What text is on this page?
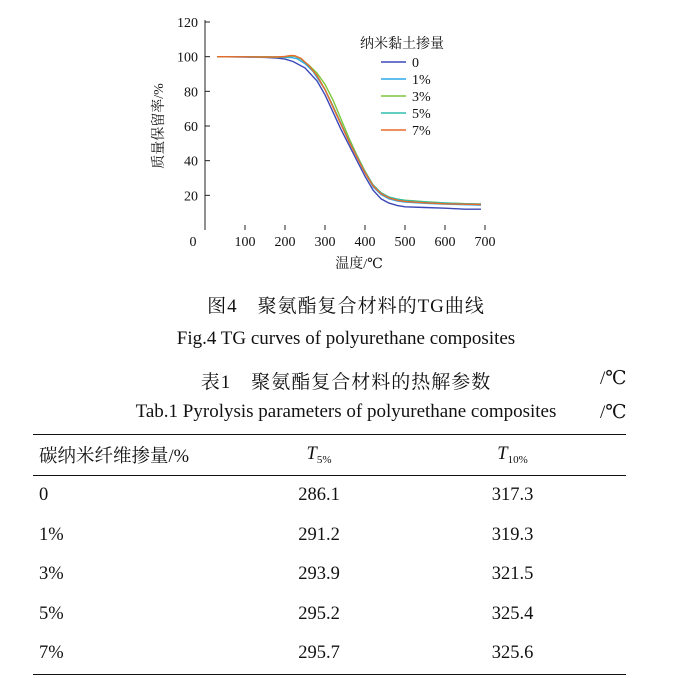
20
40
60
80
100
120
0	100 200 300 400 500 600 700
纳米黏土掺量
0
1%
3%
5%
7%
质量保留率/%
温度/℃
图4　聚氨酯复合材料的TG曲线
Fig.4 TG curves of polyurethane composites
表1　聚氨酯复合材料的热解参数	/℃
Tab.1 Pyrolysis parameters of polyurethane composites	/℃
碳纳米纤维掺量/%	$T_{5\%}$	$T_{10\%}$
0	286.1	317.3
1%	291.2	319.3
3%	293.9	321.5
5%	295.2	325.4
7%	295.7	325.6
